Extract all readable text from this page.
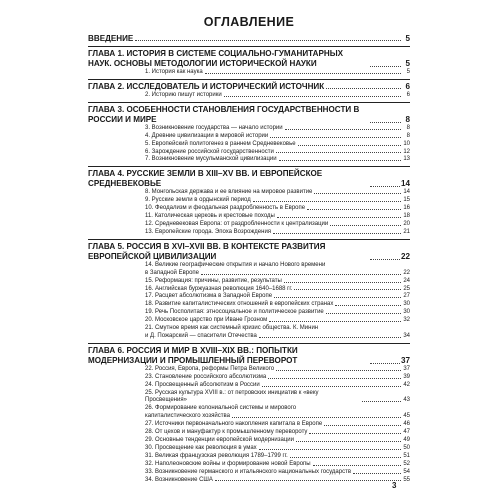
ОГЛАВЛЕНИЕ
ВВЕДЕНИЕ	5
ГЛАВА 1. ИСТОРИЯ В СИСТЕМЕ СОЦИАЛЬНО-ГУМАНИТАРНЫХ НАУК. ОСНОВЫ МЕТОДОЛОГИИ ИСТОРИЧЕСКОЙ НАУКИ	5
1. История как наука	5
ГЛАВА 2. ИССЛЕДОВАТЕЛЬ И ИСТОРИЧЕСКИЙ ИСТОЧНИК	6
2. Историю пишут историки	6
ГЛАВА 3. ОСОБЕННОСТИ СТАНОВЛЕНИЯ ГОСУДАРСТВЕННОСТИ В РОССИИ И МИРЕ	8
3. Возникновение государства — начало истории	8
4. Древние цивилизации в мировой истории	8
5. Европейский политогенез в раннем Средневековье	10
6. Зарождение российской государственности	12
7. Возникновение мусульманской цивилизации	13
ГЛАВА 4. РУССКИЕ ЗЕМЛИ В XIII–XV ВВ. И ЕВРОПЕЙСКОЕ СРЕДНЕВЕКОВЬЕ	14
8. Монгольская держава и ее влияние на мировое развитие	14
9. Русские земли в ордынский период	15
10. Феодализм и феодальная раздробленность в Европе	16
11. Католическая церковь и крестовые походы	18
12. Средневековая Европа: от раздробленности к централизации	20
13. Европейские города. Эпоха Возрождения	21
ГЛАВА 5. РОССИЯ В XVI–XVII ВВ. В КОНТЕКСТЕ РАЗВИТИЯ ЕВРОПЕЙСКОЙ ЦИВИЛИЗАЦИИ	22
14. Великие географические открытия и начало Нового времени
в Западной Европе	22
15. Реформация: причины, развитие, результаты	24
16. Английская буржуазная революция 1640–1688 гг.	25
17. Расцвет абсолютизма в Западной Европе	27
18. Развитие капиталистических отношений в европейских странах	30
19. Речь Посполитая: этносоциальное и политическое развитие	30
20. Московское царство при Иване Грозном	32
21. Смутное время как системный кризис общества. К. Минин
и Д. Пожарский — спасители Отечества	34
ГЛАВА 6. РОССИЯ И МИР В XVIII–XIX ВВ.: ПОПЫТКИ МОДЕРНИЗАЦИИ И ПРОМЫШЛЕННЫЙ ПЕРЕВОРОТ	37
22. Россия, Европа, реформы Петра Великого	37
23. Становление российского абсолютизма	39
24. Просвещенный абсолютизм в России	42
25. Русская культура XVIII в.: от петровских инициатив к «веку Просвещения»	43
26. Формирование колониальной системы и мирового
капиталистического хозяйства	45
27. Источники первоначального накопления капитала в Европе	46
28. От цехов и мануфактур к промышленному перевороту	47
29. Основные тенденции европейской модернизации	49
30. Просвещение как революция в умах	50
31. Великая французская революция 1789–1799 гг.	51
32. Наполеоновские войны и формирование новой Европы	52
33. Возникновение германского и итальянского национальных государств	54
34. Возникновение США	55
3
